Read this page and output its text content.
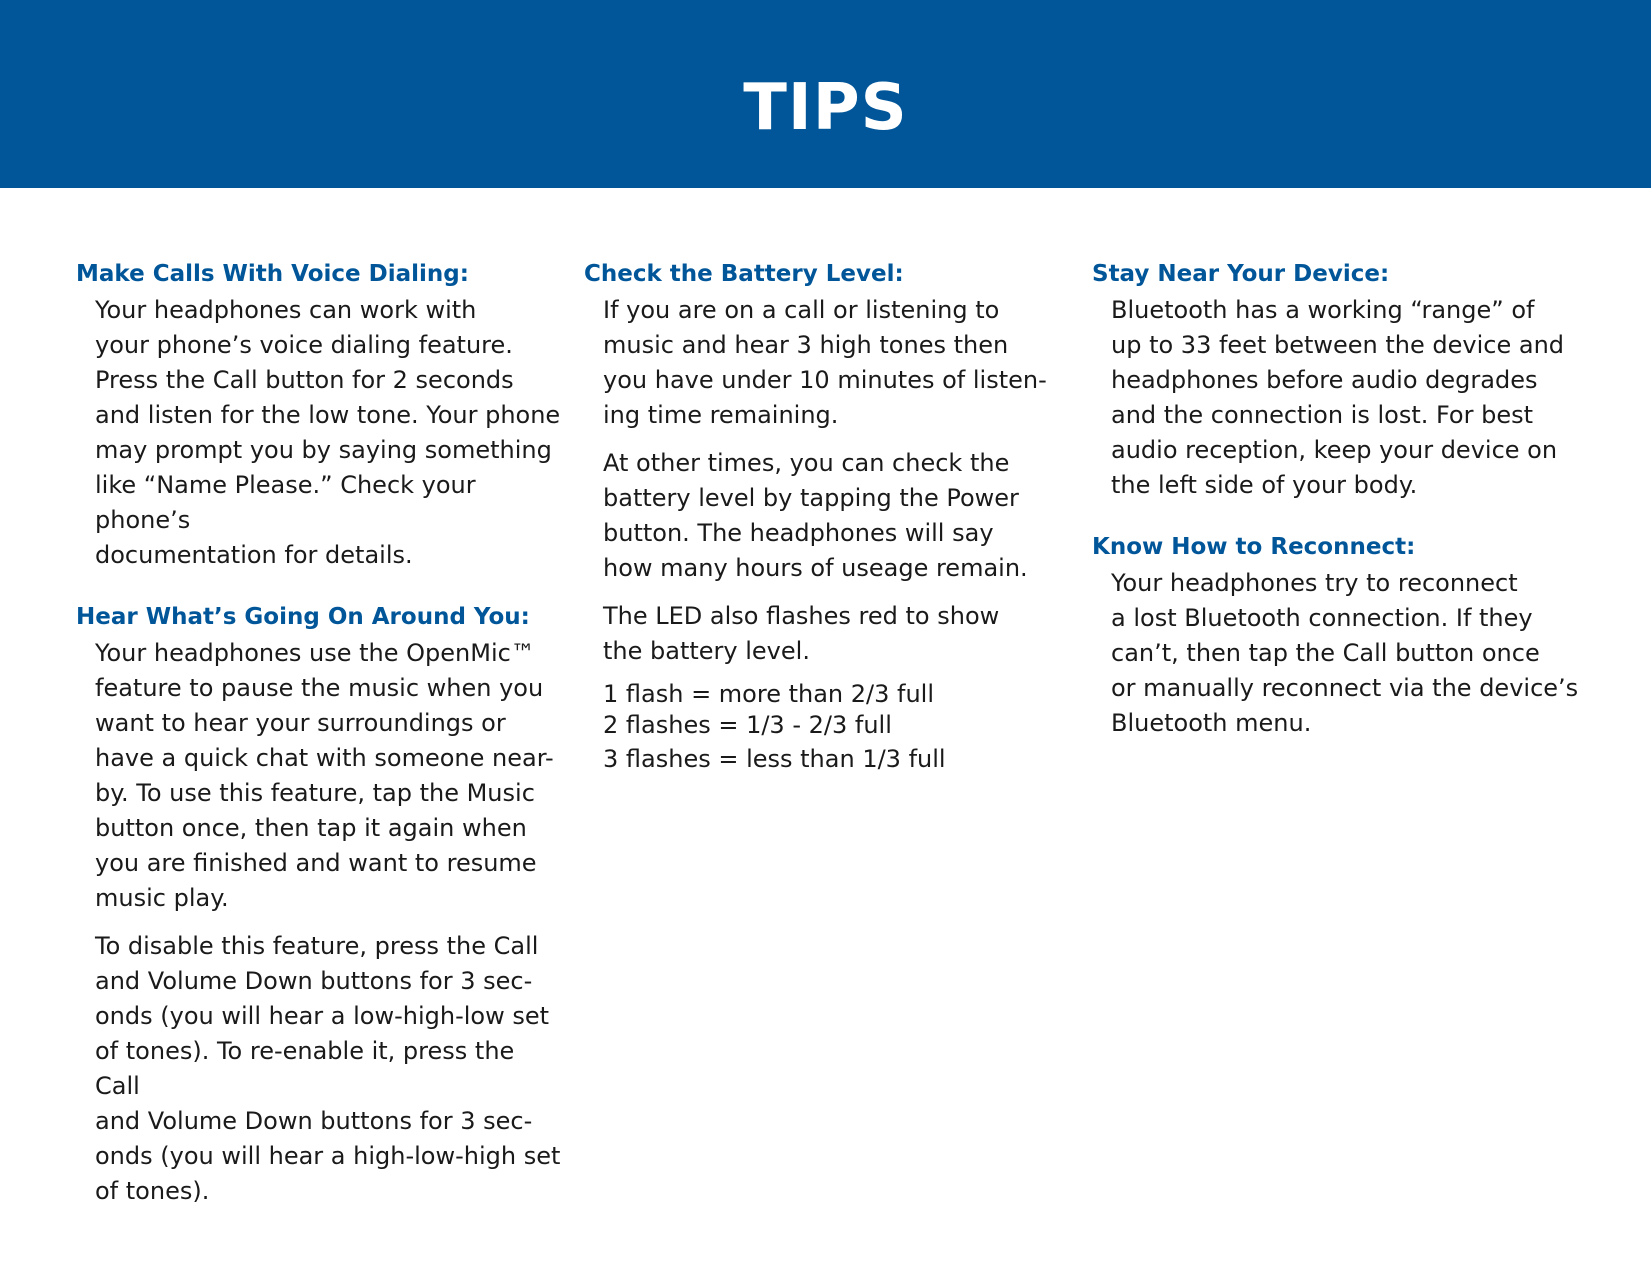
TIPS
Make Calls With Voice Dialing:

Your headphones can work with
your phone’s voice dialing feature.
Press the Call button for 2 seconds
and listen for the low tone. Your phone
may prompt you by saying something
like “Name Please.” Check your phone’s
documentation for details.

Hear What’s Going On Around You:

Your headphones use the OpenMic™
feature to pause the music when you
want to hear your surroundings or
have a quick chat with someone near-
by. To use this feature, tap the Music
button once, then tap it again when
you are finished and want to resume
music play.

To disable this feature, press the Call
and Volume Down buttons for 3 sec-
onds (you will hear a low-high-low set
of tones). To re-enable it, press the Call
and Volume Down buttons for 3 sec-
onds (you will hear a high-low-high set
of tones).

Check the Battery Level:

If you are on a call or listening to
music and hear 3 high tones then
you have under 10 minutes of listen-
ing time remaining.

At other times, you can check the
battery level by tapping the Power
button. The headphones will say
how many hours of useage remain.

The LED also flashes red to show
the battery level.

1 flash = more than 2/3 full
2 flashes = 1/3 - 2/3 full
3 flashes = less than 1/3 full
Stay Near Your Device:

Bluetooth has a working “range” of
up to 33 feet between the device and
headphones before audio degrades
and the connection is lost. For best
audio reception, keep your device on
the left side of your body.

Know How to Reconnect:

Your headphones try to reconnect
a lost Bluetooth connection. If they
can’t, then tap the Call button once
or manually reconnect via the device’s
Bluetooth menu.
